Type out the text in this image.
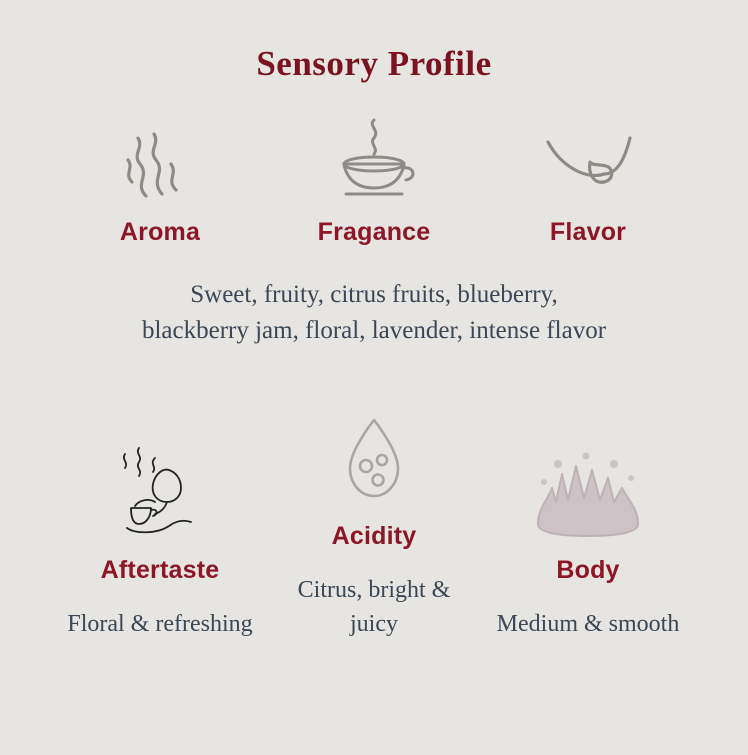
Sensory Profile
Aroma	Fragance	Flavor
Sweet, fruity, citrus fruits, blueberry,
blackberry jam, floral, lavender, intense flavor
Aftertaste
Floral & refreshing
Acidity
Citrus, bright & juicy
Body
Medium & smooth
